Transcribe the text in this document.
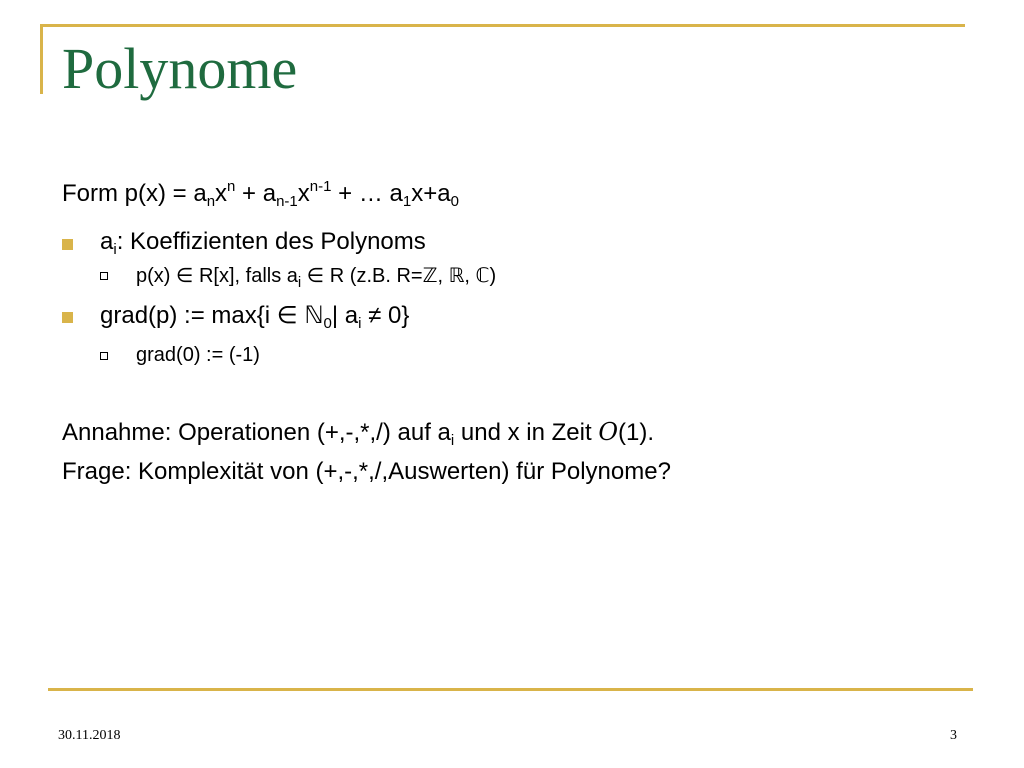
Polynome
Form $p(x) = a_nx^n + a_{n-1}x^{n-1}$ + … $a_1x+a_0$
$a_i$: Koeffizienten des Polynoms
p(x) ∈ R[x], falls $a_i$ ∈ R (z.B. R=ℤ, ℝ, ℂ)
grad(p) := max{i ∈ ℕ$_0$| $a_i \ne 0$}
grad(0) := (-1)
Annahme: Operationen (+,-,*,/) auf $a_i$ und x in Zeit O(1).
Frage: Komplexität von (+,-,*,/,Auswerten) für Polynome?
30.11.2018	3
